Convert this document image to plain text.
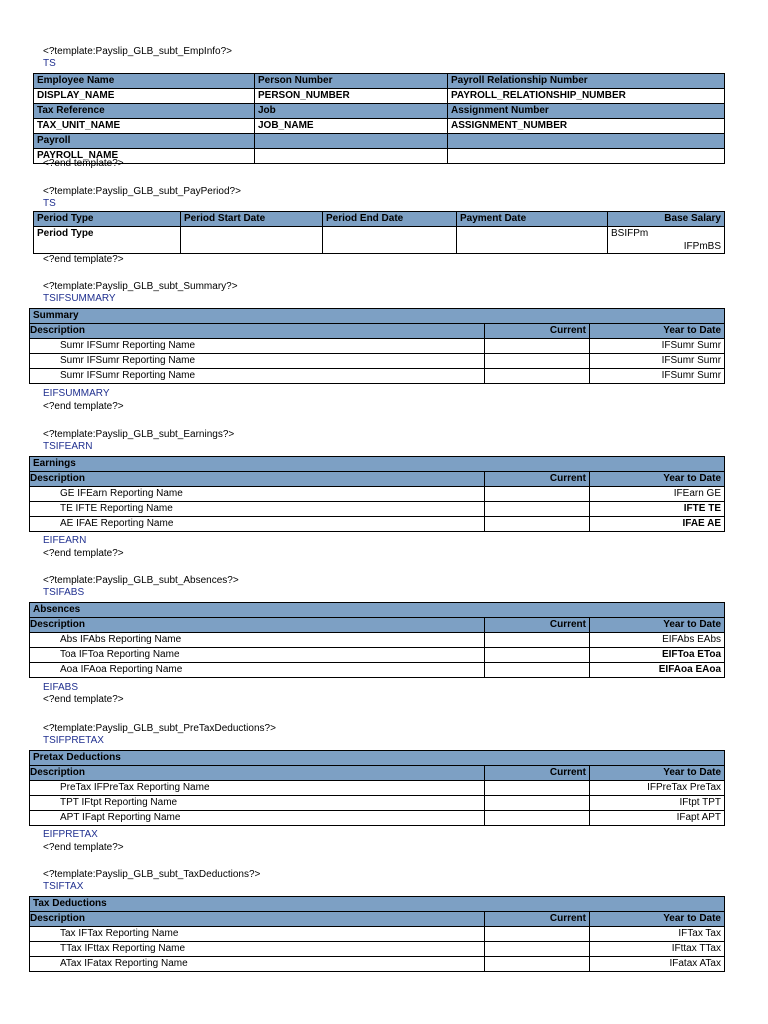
<?template:Payslip_GLB_subt_EmpInfo?>
TS
Employee Name	Person Number	Payroll Relationship Number
DISPLAY_NAME	PERSON_NUMBER	PAYROLL_RELATIONSHIP_NUMBER
Tax Reference	Job	Assignment Number
TAX_UNIT_NAME	JOB_NAME	ASSIGNMENT_NUMBER
Payroll		
PAYROLL_NAME		
<?end template?>
<?template:Payslip_GLB_subt_PayPeriod?>
TS
Period Type	Period Start Date	Period End Date	Payment Date	Base Salary
Period Type				BSIFPm
IFPmBS
<?end template?>
<?template:Payslip_GLB_subt_Summary?>
TSIFSUMMARY
Summary		
Description	Current	Year to Date
Sumr IFSumr Reporting Name		IFSumr Sumr
Sumr IFSumr Reporting Name		IFSumr Sumr
Sumr IFSumr Reporting Name		IFSumr Sumr
EIFSUMMARY
<?end template?>
<?template:Payslip_GLB_subt_Earnings?>
TSIFEARN
Earnings		
Description	Current	Year to Date
GE IFEarn Reporting Name		IFEarn GE
TE IFTE Reporting Name		IFTE TE
AE IFAE Reporting Name		IFAE AE
EIFEARN
<?end template?>
<?template:Payslip_GLB_subt_Absences?>
TSIFABS
Absences		
Description	Current	Year to Date
Abs IFAbs Reporting Name		EIFAbs EAbs
Toa IFToa Reporting Name		EIFToa EToa
Aoa IFAoa Reporting Name		EIFAoa EAoa
EIFABS
<?end template?>
<?template:Payslip_GLB_subt_PreTaxDeductions?>
TSIFPRETAX
Pretax Deductions		
Description	Current	Year to Date
PreTax IFPreTax Reporting Name		IFPreTax PreTax
TPT IFtpt Reporting Name		IFtpt TPT
APT IFapt Reporting Name		IFapt APT
EIFPRETAX
<?end template?>
<?template:Payslip_GLB_subt_TaxDeductions?>
TSIFTAX
Tax Deductions		
Description	Current	Year to Date
Tax IFTax Reporting Name		IFTax Tax
TTax IFttax Reporting Name		IFttax TTax
ATax IFatax Reporting Name		IFatax ATax
